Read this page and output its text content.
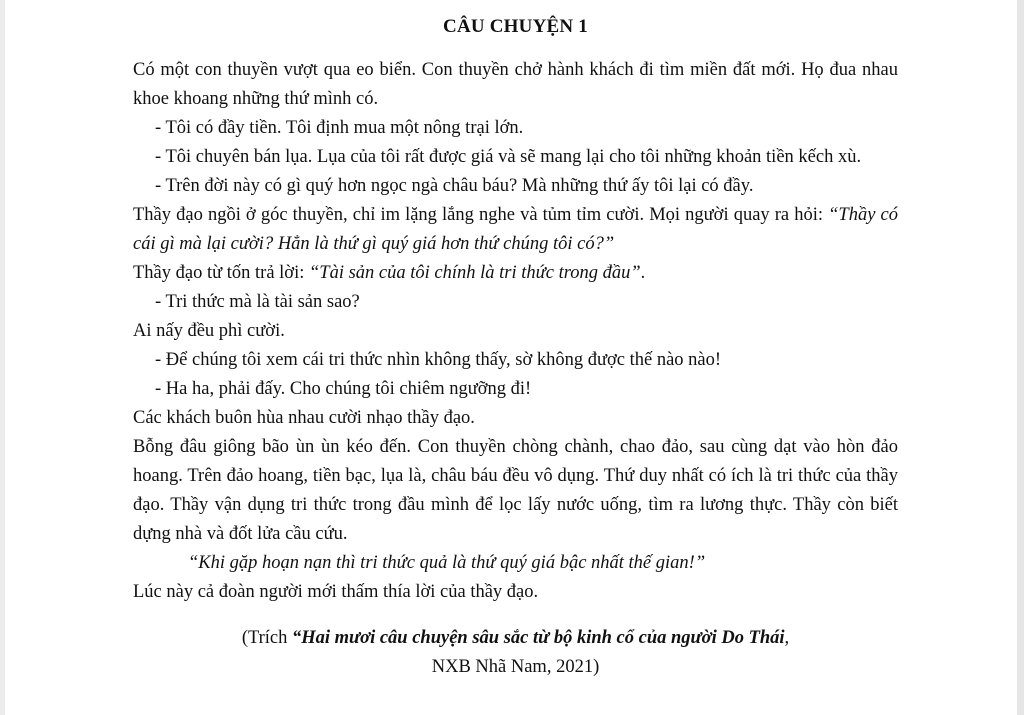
CÂU CHUYỆN 1

Có một con thuyền vượt qua eo biển. Con thuyền chở hành khách đi tìm miền đất mới. Họ đua nhau khoe khoang những thứ mình có.

- Tôi có đầy tiền. Tôi định mua một nông trại lớn.

- Tôi chuyên bán lụa. Lụa của tôi rất được giá và sẽ mang lại cho tôi những khoản tiền kếch xù.

- Trên đời này có gì quý hơn ngọc ngà châu báu? Mà những thứ ấy tôi lại có đầy.

Thầy đạo ngồi ở góc thuyền, chỉ im lặng lắng nghe và tủm tỉm cười. Mọi người quay ra hỏi: “Thầy có cái gì mà lại cười? Hẳn là thứ gì quý giá hơn thứ chúng tôi có?”

Thầy đạo từ tốn trả lời: “Tài sản của tôi chính là tri thức trong đầu”.

- Tri thức mà là tài sản sao?

Ai nấy đều phì cười.

- Để chúng tôi xem cái tri thức nhìn không thấy, sờ không được thế nào nào!

- Ha ha, phải đấy. Cho chúng tôi chiêm ngưỡng đi!

Các khách buôn hùa nhau cười nhạo thầy đạo.

Bỗng đâu giông bão ùn ùn kéo đến. Con thuyền chòng chành, chao đảo, sau cùng dạt vào hòn đảo hoang. Trên đảo hoang, tiền bạc, lụa là, châu báu đều vô dụng. Thứ duy nhất có ích là tri thức của thầy đạo. Thầy vận dụng tri thức trong đầu mình để lọc lấy nước uống, tìm ra lương thực. Thầy còn biết dựng nhà và đốt lửa cầu cứu.

“Khi gặp hoạn nạn thì tri thức quả là thứ quý giá bậc nhất thế gian!”

Lúc này cả đoàn người mới thấm thía lời của thầy đạo.

(Trích “Hai mươi câu chuyện sâu sắc từ bộ kinh cổ của người Do Thái,
NXB Nhã Nam, 2021)
